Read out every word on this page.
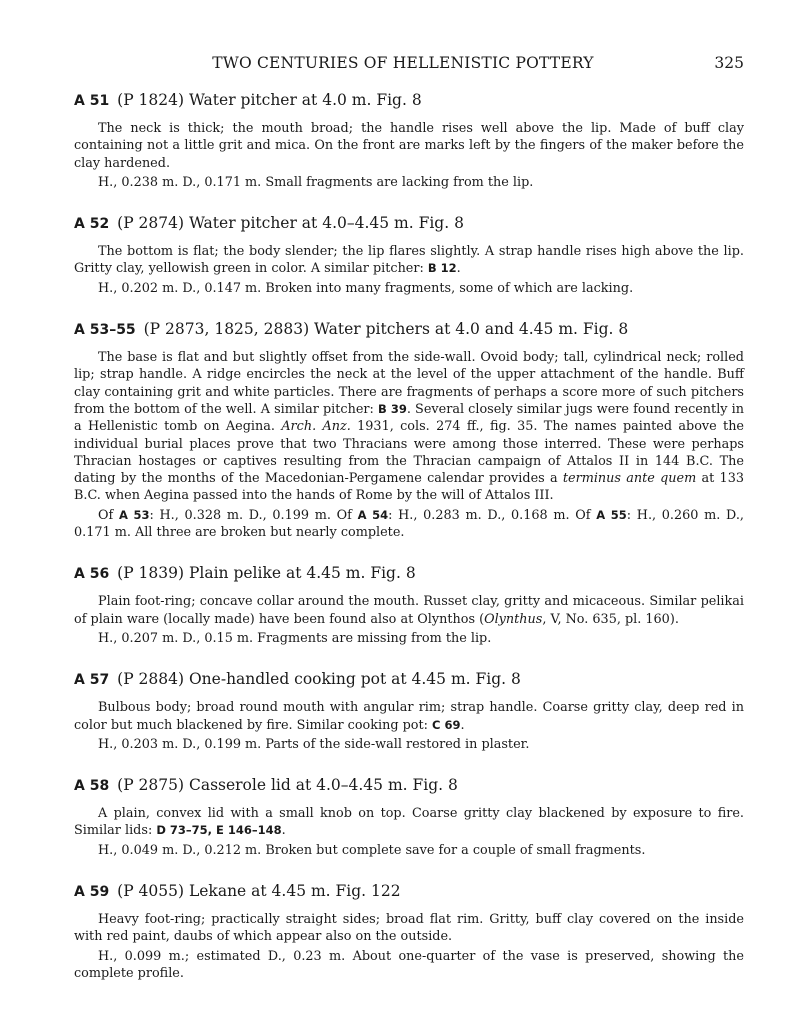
TWO CENTURIES OF HELLENISTIC POTTERY	325
A 51 (P 1824) Water pitcher at 4.0 m. Fig. 8

The neck is thick; the mouth broad; the handle rises well above the lip. Made of buff clay containing not a little grit and mica. On the front are marks left by the fingers of the maker before the clay hardened.

H., 0.238 m. D., 0.171 m. Small fragments are lacking from the lip.

A 52 (P 2874) Water pitcher at 4.0–4.45 m. Fig. 8

The bottom is flat; the body slender; the lip flares slightly. A strap handle rises high above the lip. Gritty clay, yellowish green in color. A similar pitcher: B 12.

H., 0.202 m. D., 0.147 m. Broken into many fragments, some of which are lacking.

A 53–55 (P 2873, 1825, 2883) Water pitchers at 4.0 and 4.45 m. Fig. 8

The base is flat and but slightly offset from the side-wall. Ovoid body; tall, cylindrical neck; rolled lip; strap handle. A ridge encircles the neck at the level of the upper attachment of the handle. Buff clay containing grit and white particles. There are fragments of perhaps a score more of such pitchers from the bottom of the well. A similar pitcher: B 39. Several closely similar jugs were found recently in a Hellenistic tomb on Aegina. Arch. Anz. 1931, cols. 274 ff., fig. 35. The names painted above the individual burial places prove that two Thracians were among those interred. These were perhaps Thracian hostages or captives resulting from the Thracian campaign of Attalos II in 144 B.C. The dating by the months of the Macedonian-Pergamene calendar provides a terminus ante quem at 133 B.C. when Aegina passed into the hands of Rome by the will of Attalos III.

Of A 53: H., 0.328 m. D., 0.199 m. Of A 54: H., 0.283 m. D., 0.168 m. Of A 55: H., 0.260 m. D., 0.171 m. All three are broken but nearly complete.

A 56 (P 1839) Plain pelike at 4.45 m. Fig. 8

Plain foot-ring; concave collar around the mouth. Russet clay, gritty and micaceous. Similar pelikai of plain ware (locally made) have been found also at Olynthos (Olynthus, V, No. 635, pl. 160).

H., 0.207 m. D., 0.15 m. Fragments are missing from the lip.

A 57 (P 2884) One-handled cooking pot at 4.45 m. Fig. 8

Bulbous body; broad round mouth with angular rim; strap handle. Coarse gritty clay, deep red in color but much blackened by fire. Similar cooking pot: C 69.

H., 0.203 m. D., 0.199 m. Parts of the side-wall restored in plaster.

A 58 (P 2875) Casserole lid at 4.0–4.45 m. Fig. 8

A plain, convex lid with a small knob on top. Coarse gritty clay blackened by exposure to fire. Similar lids: D 73–75, E 146–148.

H., 0.049 m. D., 0.212 m. Broken but complete save for a couple of small fragments.

A 59 (P 4055) Lekane at 4.45 m. Fig. 122

Heavy foot-ring; practically straight sides; broad flat rim. Gritty, buff clay covered on the inside with red paint, daubs of which appear also on the outside.

H., 0.099 m.; estimated D., 0.23 m. About one-quarter of the vase is preserved, showing the complete profile.
